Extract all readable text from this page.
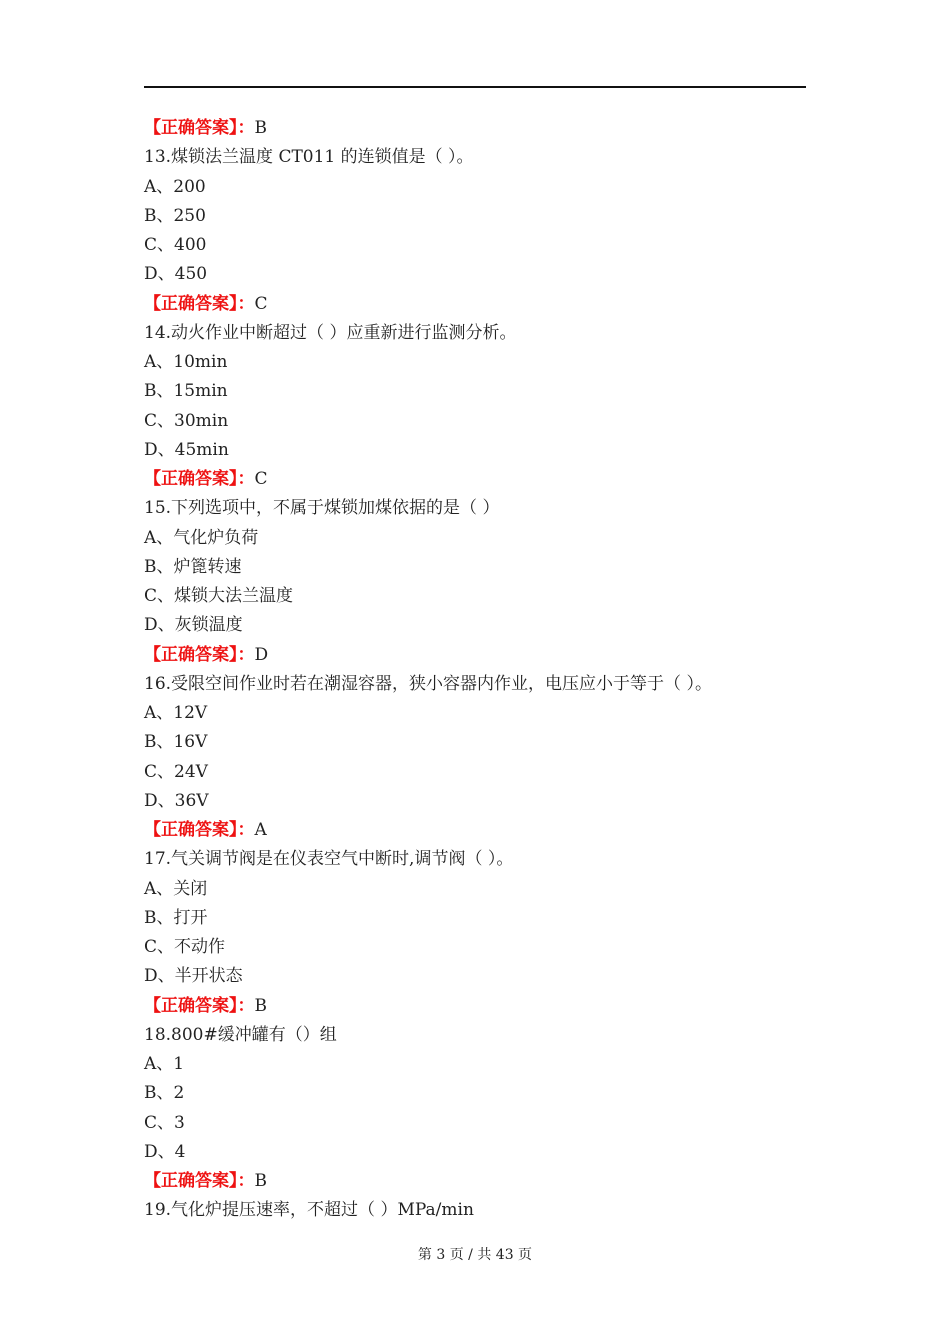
【正确答案】：B
13.煤锁法兰温度 CT011 的连锁值是（ ）。
A、200
B、250
C、400
D、450
【正确答案】：C
14.动火作业中断超过（ ）应重新进行监测分析。
A、10min
B、15min
C、30min
D、45min
【正确答案】：C
15.下列选项中，不属于煤锁加煤依据的是（ ）
A、气化炉负荷
B、炉篦转速
C、煤锁大法兰温度
D、灰锁温度
【正确答案】：D
16.受限空间作业时若在潮湿容器，狭小容器内作业，电压应小于等于（ ）。
A、12V
B、16V
C、24V
D、36V
【正确答案】：A
17.气关调节阀是在仪表空气中断时,调节阀（ ）。
A、关闭
B、打开
C、不动作
D、半开状态
【正确答案】：B
18.800#缓冲罐有（）组
A、1
B、2
C、3
D、4
【正确答案】：B
19.气化炉提压速率，不超过（ ）MPa/min
第 3 页 / 共 43 页
